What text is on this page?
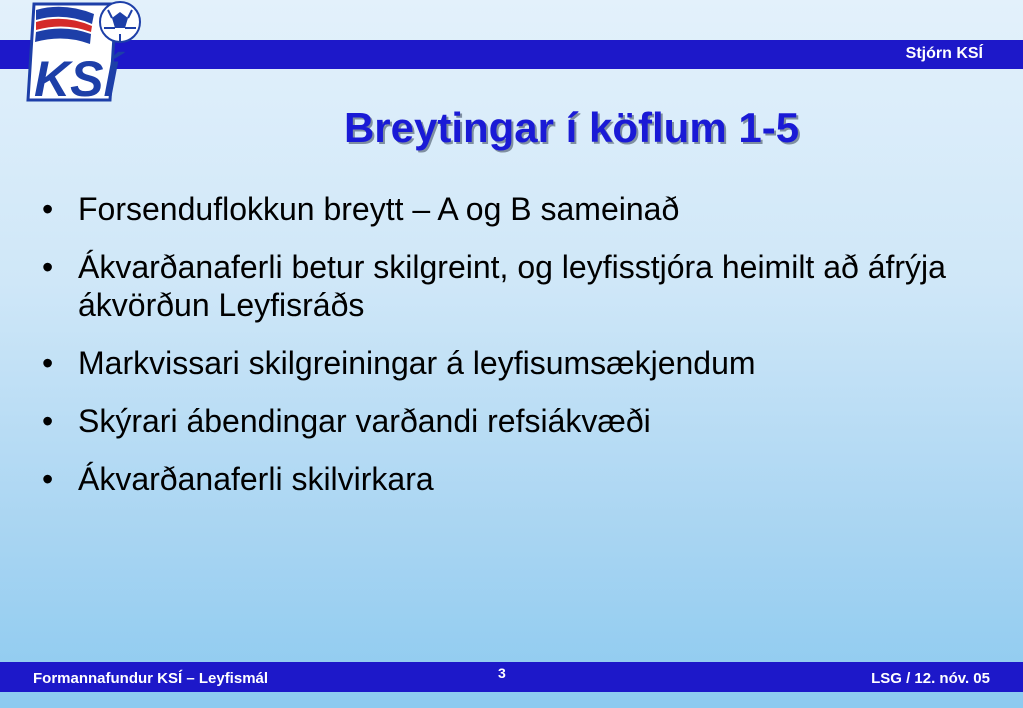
Stjórn KSÍ
KSÍ
Breytingar í köflum 1-5
• Forsenduflokkun breytt – A og B sameinað
• Ákvarðanaferli betur skilgreint, og leyfisstjóra heimilt að áfrýja ákvörðun Leyfisráðs
• Markvissari skilgreiningar á leyfisumsækjendum
• Skýrari ábendingar varðandi refsiákvæði
• Ákvarðanaferli skilvirkara
Formannafundur KSÍ – Leyfismál	LSG / 12. nóv. 05
3
